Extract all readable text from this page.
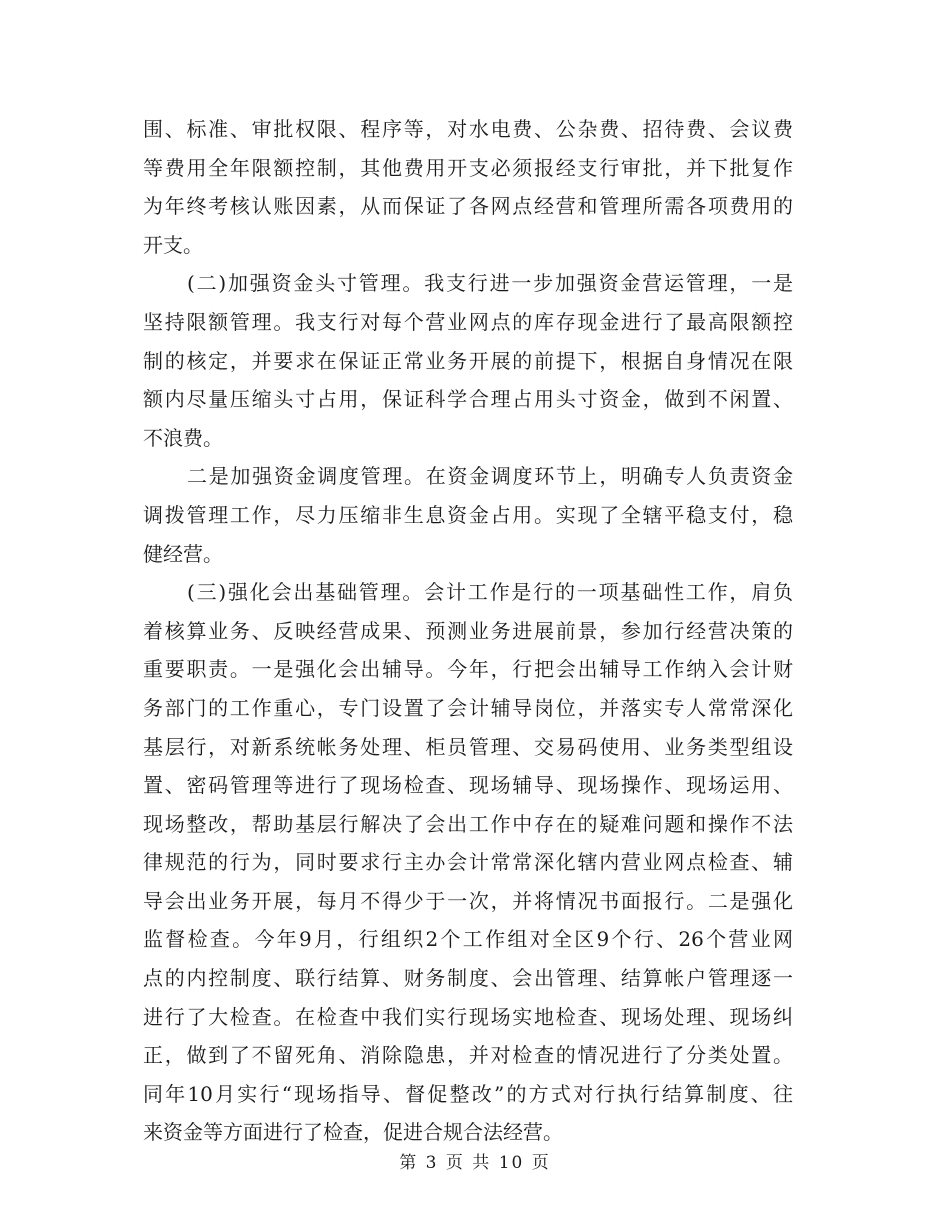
围、标准、审批权限、程序等，对水电费、公杂费、招待费、会议费
等费用全年限额控制，其他费用开支必须报经支行审批，并下批复作
为年终考核认账因素，从而保证了各网点经营和管理所需各项费用的
开支。
(二)加强资金头寸管理。我支行进一步加强资金营运管理，一是
坚持限额管理。我支行对每个营业网点的库存现金进行了最高限额控
制的核定，并要求在保证正常业务开展的前提下，根据自身情况在限
额内尽量压缩头寸占用，保证科学合理占用头寸资金，做到不闲置、
不浪费。
二是加强资金调度管理。在资金调度环节上，明确专人负责资金
调拨管理工作，尽力压缩非生息资金占用。实现了全辖平稳支付，稳
健经营。
(三)强化会出基础管理。会计工作是行的一项基础性工作，肩负
着核算业务、反映经营成果、预测业务进展前景，参加行经营决策的
重要职责。一是强化会出辅导。今年，行把会出辅导工作纳入会计财
务部门的工作重心，专门设置了会计辅导岗位，并落实专人常常深化
基层行，对新系统帐务处理、柜员管理、交易码使用、业务类型组设
置、密码管理等进行了现场检查、现场辅导、现场操作、现场运用、
现场整改，帮助基层行解决了会出工作中存在的疑难问题和操作不法
律规范的行为，同时要求行主办会计常常深化辖内营业网点检查、辅
导会出业务开展，每月不得少于一次，并将情况书面报行。二是强化
监督检查。今年9月，行组织2个工作组对全区9个行、26个营业网
点的内控制度、联行结算、财务制度、会出管理、结算帐户管理逐一
进行了大检查。在检查中我们实行现场实地检查、现场处理、现场纠
正，做到了不留死角、消除隐患，并对检查的情况进行了分类处置。
同年10月实行“现场指导、督促整改”的方式对行执行结算制度、往
来资金等方面进行了检查，促进合规合法经营。
第 3 页 共 10 页
